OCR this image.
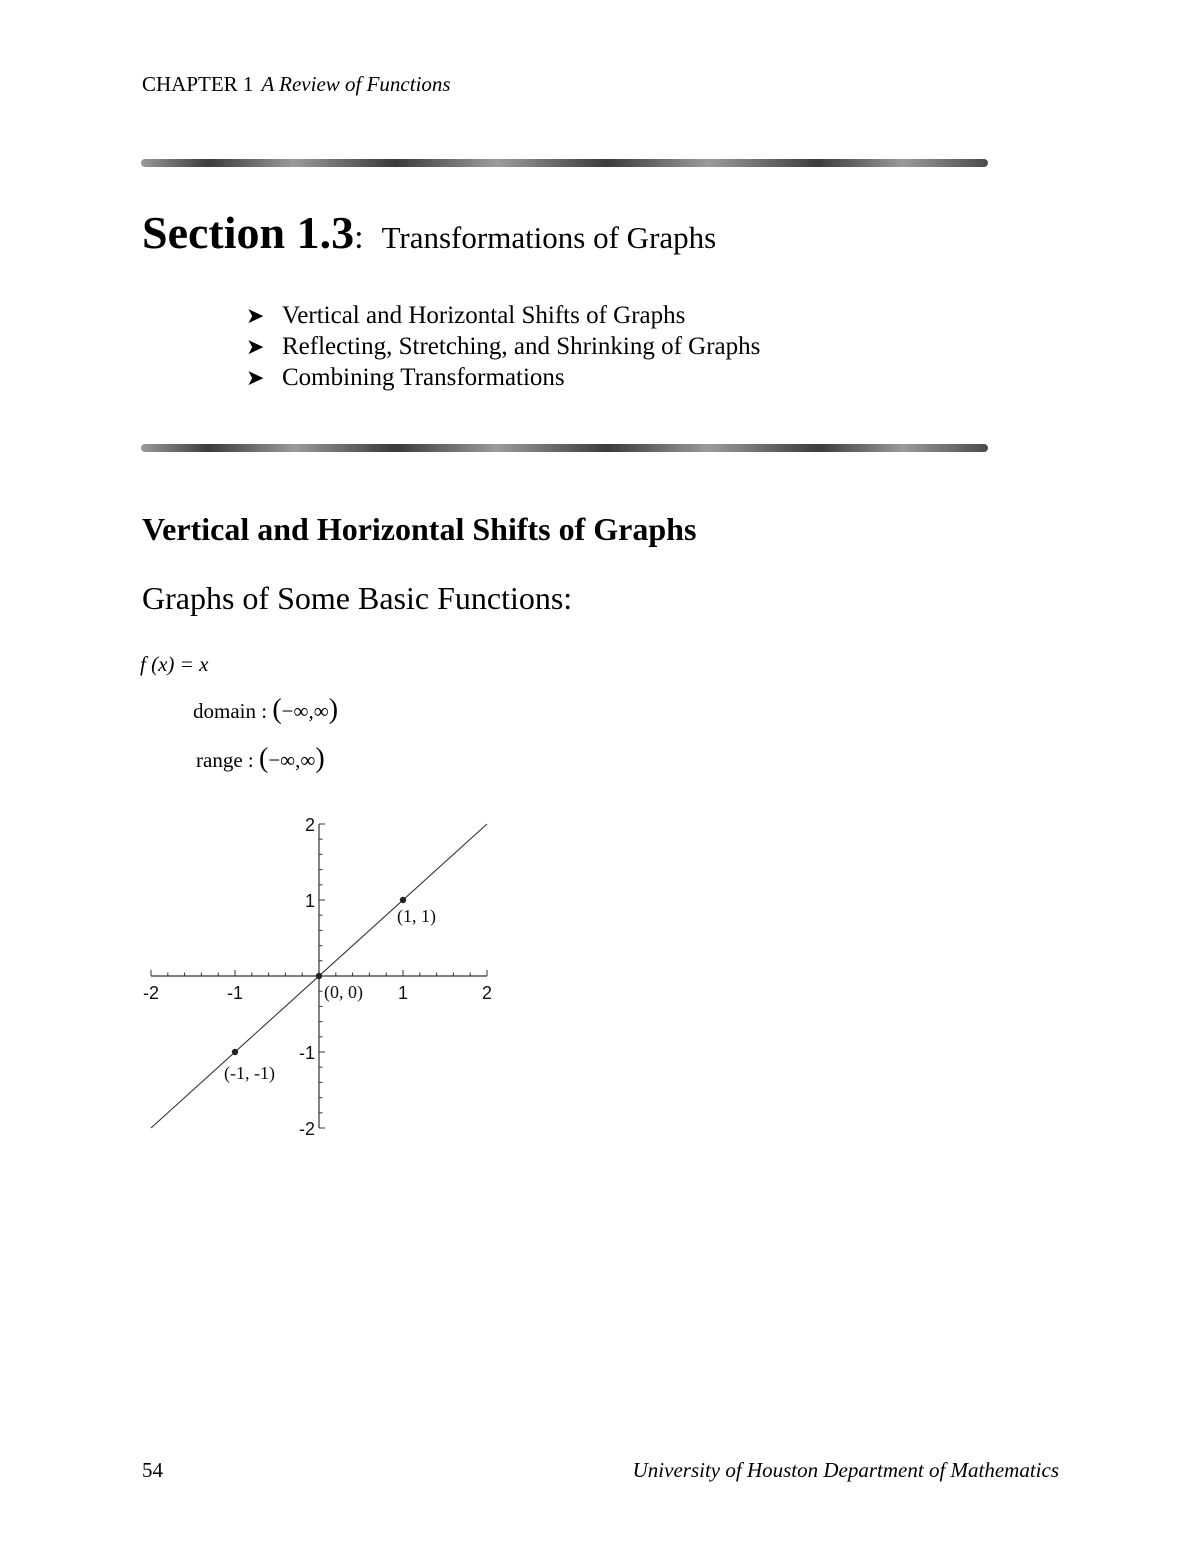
CHAPTER 1 A Review of Functions
Section 1.3: Transformations of Graphs
➤ Vertical and Horizontal Shifts of Graphs
➤ Reflecting, Stretching, and Shrinking of Graphs
➤ Combining Transformations
Vertical and Horizontal Shifts of Graphs
Graphs of Some Basic Functions:
f (x) = x
domain : (−∞,∞)
range : (−∞,∞)
-2	-1	1	2
2
1
-1
-2
(1, 1)
(0, 0)
(-1, -1)
54	University of Houston Department of Mathematics
